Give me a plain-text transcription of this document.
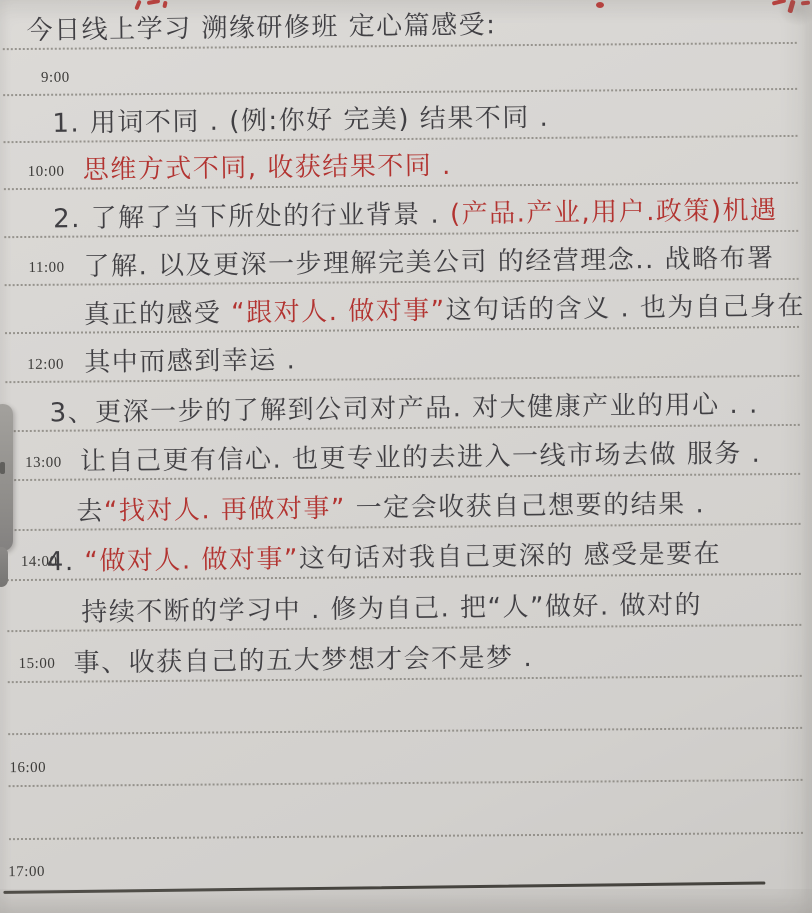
9:00
10:00
11:00
12:00
13:00
14:00
15:00
16:00
17:00
今日线上学习 溯缘研修班 定心篇感受:
1. 用词不同 . (例:你好 完美) 结果不同 .
思维方式不同, 收获结果不同 .
2. 了解了当下所处的行业背景 . (产品.产业,用户.政策)机遇
了解. 以及更深一步理解完美公司 的经营理念.. 战略布署
真正的感受 “跟对人. 做对事”这句话的含义 . 也为自己身在
其中而感到幸运 .
3、更深一步的了解到公司对产品. 对大健康产业的用心 . .
让自己更有信心. 也更专业的去进入一线市场去做 服务 .
去“找对人. 再做对事” 一定会收获自己想要的结果 .
4. “做对人. 做对事”这句话对我自己更深的 感受是要在
持续不断的学习中 . 修为自己. 把“人”做好. 做对的
事、收获自己的五大梦想才会不是梦 .
